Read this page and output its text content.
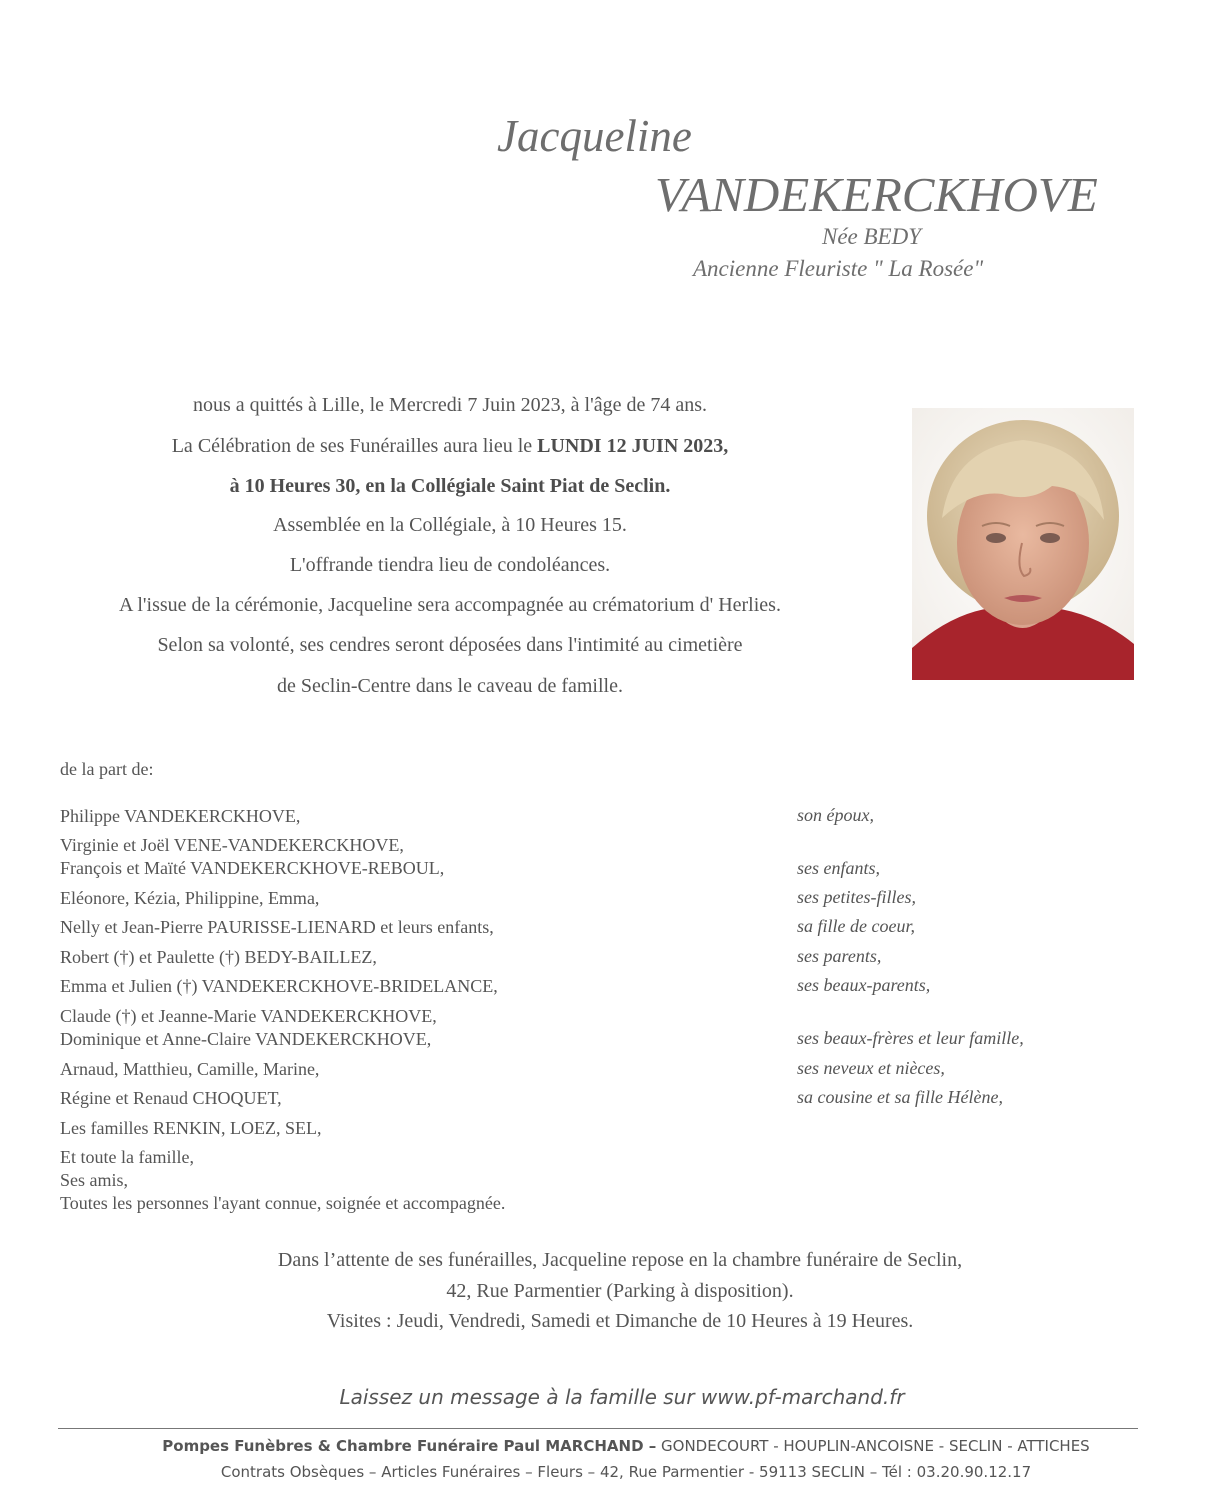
Jacqueline
VANDEKERCKHOVE
Née BEDY
Ancienne Fleuriste " La Rosée"
nous a quittés à Lille, le Mercredi 7 Juin 2023, à l'âge de 74 ans.
La Célébration de ses Funérailles aura lieu le LUNDI 12 JUIN 2023,
à 10 Heures 30, en la Collégiale Saint Piat de Seclin.
Assemblée en la Collégiale, à 10 Heures 15.
L'offrande tiendra lieu de condoléances.
A l'issue de la cérémonie, Jacqueline sera accompagnée au crématorium d' Herlies.
Selon sa volonté, ses cendres seront déposées dans l'intimité au cimetière
de Seclin-Centre dans le caveau de famille.
de la part de:
Philippe VANDEKERCKHOVE,	son époux,
Virginie et Joël VENE-VANDEKERCKHOVE,
François et Maïté VANDEKERCKHOVE-REBOUL,	ses enfants,
Eléonore, Kézia, Philippine, Emma,	ses petites-filles,
Nelly et Jean-Pierre PAURISSE-LIENARD et leurs enfants,	sa fille de coeur,
Robert (†) et Paulette (†) BEDY-BAILLEZ,	ses parents,
Emma et Julien (†) VANDEKERCKHOVE-BRIDELANCE,	ses beaux-parents,
Claude (†) et Jeanne-Marie VANDEKERCKHOVE,
Dominique et Anne-Claire VANDEKERCKHOVE,	ses beaux-frères et leur famille,
Arnaud, Matthieu, Camille, Marine,	ses neveux et nièces,
Régine et Renaud CHOQUET,	sa cousine et sa fille Hélène,
Les familles RENKIN, LOEZ, SEL,
Et toute la famille,
Ses amis,
Toutes les personnes l'ayant connue, soignée et accompagnée.
Dans l’attente de ses funérailles, Jacqueline repose en la chambre funéraire de Seclin,
42, Rue Parmentier (Parking à disposition).
Visites : Jeudi, Vendredi, Samedi et Dimanche de 10 Heures à 19 Heures.
Laissez un message à la famille sur www.pf-marchand.fr
Pompes Funèbres & Chambre Funéraire Paul MARCHAND – GONDECOURT - HOUPLIN-ANCOISNE - SECLIN - ATTICHES
Contrats Obsèques – Articles Funéraires – Fleurs – 42, Rue Parmentier - 59113 SECLIN – Tél : 03.20.90.12.17
